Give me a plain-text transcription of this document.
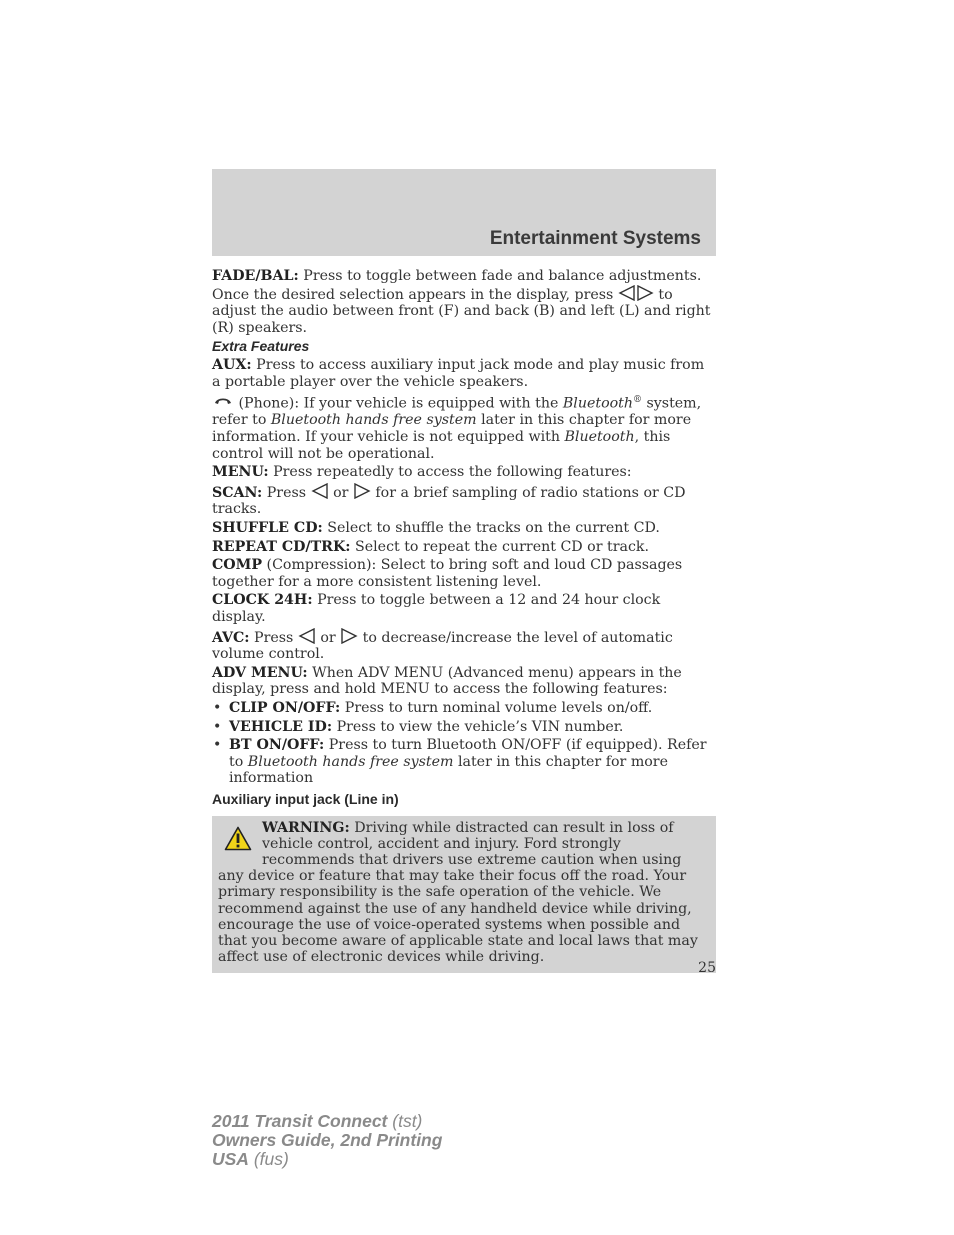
Entertainment Systems

FADE/BAL: Press to toggle between fade and balance adjustments. Once the desired selection appears in the display, press	to adjust the audio between front (F) and back (B) and left (L) and right (R) speakers.

Extra Features

AUX: Press to access auxiliary input jack mode and play music from a portable player over the vehicle speakers.

(Phone): If your vehicle is equipped with the Bluetooth® system, refer to Bluetooth hands free system later in this chapter for more information. If your vehicle is not equipped with Bluetooth, this control will not be operational.

MENU: Press repeatedly to access the following features:

SCAN: Press
or
for a brief sampling of radio stations or CD tracks.

SHUFFLE CD: Select to shuffle the tracks on the current CD.

REPEAT CD/TRK: Select to repeat the current CD or track.

COMP (Compression): Select to bring soft and loud CD passages together for a more consistent listening level.

CLOCK 24H: Press to toggle between a 12 and 24 hour clock display.

AVC: Press
or
to decrease/increase the level of automatic volume control.

ADV MENU: When ADV MENU (Advanced menu) appears in the display, press and hold MENU to access the following features:

• CLIP ON/OFF: Press to turn nominal volume levels on/off.
• VEHICLE ID: Press to view the vehicle’s VIN number.
• BT ON/OFF: Press to turn Bluetooth ON/OFF (if equipped). Refer to Bluetooth hands free system later in this chapter for more information
Auxiliary input jack (Line in)
WARNING: Driving while distracted can result in loss of vehicle control, accident and injury. Ford strongly recommends that drivers use extreme caution when using any device or feature that may take their focus off the road. Your primary responsibility is the safe operation of the vehicle. We recommend against the use of any handheld device while driving, encourage the use of voice-operated systems when possible and that you become aware of applicable state and local laws that may affect use of electronic devices while driving.
25
2011 Transit Connect (tst)
Owners Guide, 2nd Printing
USA (fus)
